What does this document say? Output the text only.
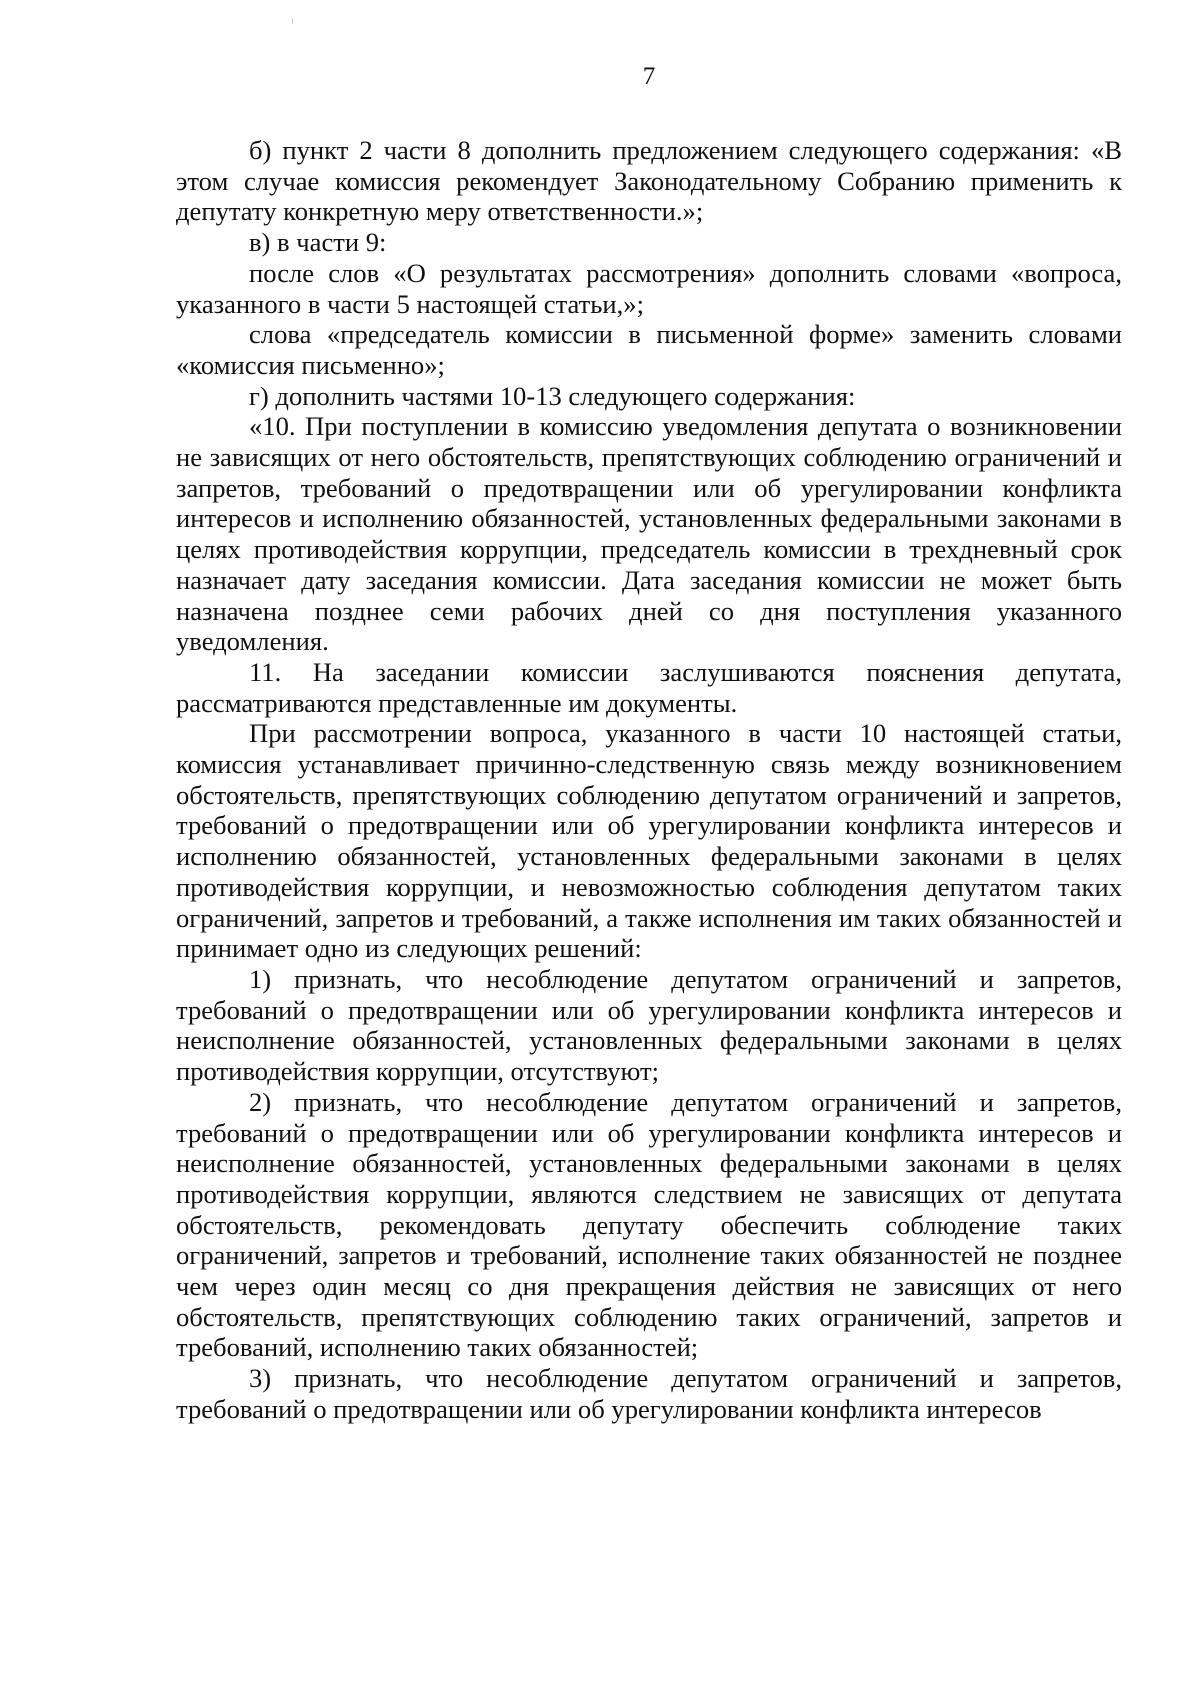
7

б) пункт 2 части 8 дополнить предложением следующего содержания: «В этом случае комиссия рекомендует Законодательному Собранию применить к депутату конкретную меру ответственности.»;

в) в части 9:

после слов «О результатах рассмотрения» дополнить словами «вопроса, указанного в части 5 настоящей статьи,»;

слова «председатель комиссии в письменной форме» заменить словами «комиссия письменно»;

г) дополнить частями 10-13 следующего содержания:

«10. При поступлении в комиссию уведомления депутата о возникновении не зависящих от него обстоятельств, препятствующих соблюдению ограничений и запретов, требований о предотвращении или об урегулировании конфликта интересов и исполнению обязанностей, установленных федеральными законами в целях противодействия коррупции, председатель комиссии в трехдневный срок назначает дату заседания комиссии. Дата заседания комиссии не может быть назначена позднее семи рабочих дней со дня поступления указанного уведомления.

11. На заседании комиссии заслушиваются пояснения депутата, рассматриваются представленные им документы.

При рассмотрении вопроса, указанного в части 10 настоящей статьи, комиссия устанавливает причинно-следственную связь между возникновением обстоятельств, препятствующих соблюдению депутатом ограничений и запретов, требований о предотвращении или об урегулировании конфликта интересов и исполнению обязанностей, установленных федеральными законами в целях противодействия коррупции, и невозможностью соблюдения депутатом таких ограничений, запретов и требований, а также исполнения им таких обязанностей и принимает одно из следующих решений:

1) признать, что несоблюдение депутатом ограничений и запретов, требований о предотвращении или об урегулировании конфликта интересов и неисполнение обязанностей, установленных федеральными законами в целях противодействия коррупции, отсутствуют;

2) признать, что несоблюдение депутатом ограничений и запретов, требований о предотвращении или об урегулировании конфликта интересов и неисполнение обязанностей, установленных федеральными законами в целях противодействия коррупции, являются следствием не зависящих от депутата обстоятельств, рекомендовать депутату обеспечить соблюдение таких ограничений, запретов и требований, исполнение таких обязанностей не позднее чем через один месяц со дня прекращения действия не зависящих от него обстоятельств, препятствующих соблюдению таких ограничений, запретов и требований, исполнению таких обязанностей;

3) признать, что несоблюдение депутатом ограничений и запретов, требований о предотвращении или об урегулировании конфликта интересов
